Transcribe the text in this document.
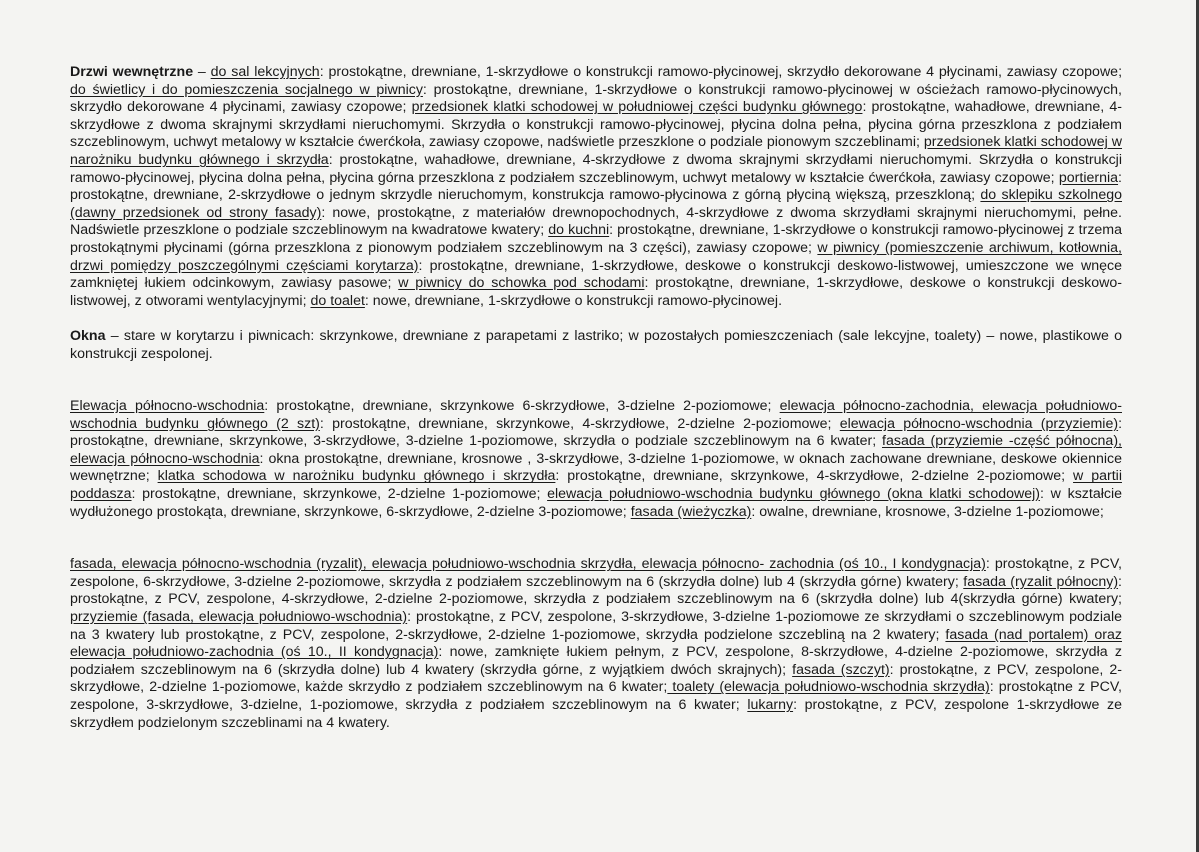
Drzwi wewnętrzne – do sal lekcyjnych: prostokątne, drewniane, 1-skrzydłowe o konstrukcji ramowo-płycinowej, skrzydło dekorowane 4 płycinami, zawiasy czopowe; do świetlicy i do pomieszczenia socjalnego w piwnicy: prostokątne, drewniane, 1-skrzydłowe o konstrukcji ramowo-płycinowej w ościeżach ramowo-płycinowych, skrzydło dekorowane 4 płycinami, zawiasy czopowe; przedsionek klatki schodowej w południowej części budynku głównego: prostokątne, wahadłowe, drewniane, 4-skrzydłowe z dwoma skrajnymi skrzydłami nieruchomymi. Skrzydła o konstrukcji ramowo-płycinowej, płycina dolna pełna, płycina górna przeszklona z podziałem szczeblinowym, uchwyt metalowy w kształcie ćwerćkoła, zawiasy czopowe, nadświetle przeszklone o podziale pionowym szczeblinami; przedsionek klatki schodowej w narożniku budynku głównego i skrzydła: prostokątne, wahadłowe, drewniane, 4-skrzydłowe z dwoma skrajnymi skrzydłami nieruchomymi. Skrzydła o konstrukcji ramowo-płycinowej, płycina dolna pełna, płycina górna przeszklona z podziałem szczeblinowym, uchwyt metalowy w kształcie ćwerćkoła, zawiasy czopowe; portiernia: prostokątne, drewniane, 2-skrzydłowe o jednym skrzydle nieruchomym, konstrukcja ramowo-płycinowa z górną płyciną większą, przeszkloną; do sklepiku szkolnego (dawny przedsionek od strony fasady): nowe, prostokątne, z materiałów drewnopochodnych, 4-skrzydłowe z dwoma skrzydłami skrajnymi nieruchomymi, pełne. Nadświetle przeszklone o podziale szczeblinowym na kwadratowe kwatery; do kuchni: prostokątne, drewniane, 1-skrzydłowe o konstrukcji ramowo-płycinowej z trzema prostokątnymi płycinami (górna przeszklona z pionowym podziałem szczeblinowym na 3 części), zawiasy czopowe; w piwnicy (pomieszczenie archiwum, kotłownia, drzwi pomiędzy poszczególnymi częściami korytarza): prostokątne, drewniane, 1-skrzydłowe, deskowe o konstrukcji deskowo-listwowej, umieszczone we wnęce zamkniętej łukiem odcinkowym, zawiasy pasowe; w piwnicy do schowka pod schodami: prostokątne, drewniane, 1-skrzydłowe, deskowe o konstrukcji deskowo-listwowej, z otworami wentylacyjnymi; do toalet: nowe, drewniane, 1-skrzydłowe o konstrukcji ramowo-płycinowej.

Okna – stare w korytarzu i piwnicach: skrzynkowe, drewniane z parapetami z lastriko; w pozostałych pomieszczeniach (sale lekcyjne, toalety) – nowe, plastikowe o konstrukcji zespolonej.

Elewacja północno-wschodnia: prostokątne, drewniane, skrzynkowe 6-skrzydłowe, 3-dzielne 2-poziomowe; elewacja północno-zachodnia, elewacja południowo-wschodnia budynku głównego (2 szt): prostokątne, drewniane, skrzynkowe, 4-skrzydłowe, 2-dzielne 2-poziomowe; elewacja północno-wschodnia (przyziemie): prostokątne, drewniane, skrzynkowe, 3-skrzydłowe, 3-dzielne 1-poziomowe, skrzydła o podziale szczeblinowym na 6 kwater; fasada (przyziemie -część północna), elewacja północno-wschodnia: okna prostokątne, drewniane, krosnowe , 3-skrzydłowe, 3-dzielne 1-poziomowe, w oknach zachowane drewniane, deskowe okiennice wewnętrzne; klatka schodowa w narożniku budynku głównego i skrzydła: prostokątne, drewniane, skrzynkowe, 4-skrzydłowe, 2-dzielne 2-poziomowe; w partii poddasza: prostokątne, drewniane, skrzynkowe, 2-dzielne 1-poziomowe; elewacja południowo-wschodnia budynku głównego (okna klatki schodowej): w kształcie wydłużonego prostokąta, drewniane, skrzynkowe, 6-skrzydłowe, 2-dzielne 3-poziomowe; fasada (wieżyczka): owalne, drewniane, krosnowe, 3-dzielne 1-poziomowe;

fasada, elewacja północno-wschodnia (ryzalit), elewacja południowo-wschodnia skrzydła, elewacja północno- zachodnia (oś 10., I kondygnacja): prostokątne, z PCV, zespolone, 6-skrzydłowe, 3-dzielne 2-poziomowe, skrzydła z podziałem szczeblinowym na 6 (skrzydła dolne) lub 4 (skrzydła górne) kwatery; fasada (ryzalit północny): prostokątne, z PCV, zespolone, 4-skrzydłowe, 2-dzielne 2-poziomowe, skrzydła z podziałem szczeblinowym na 6 (skrzydła dolne) lub 4(skrzydła górne) kwatery; przyziemie (fasada, elewacja południowo-wschodnia): prostokątne, z PCV, zespolone, 3-skrzydłowe, 3-dzielne 1-poziomowe ze skrzydłami o szczeblinowym podziale na 3 kwatery lub prostokątne, z PCV, zespolone, 2-skrzydłowe, 2-dzielne 1-poziomowe, skrzydła podzielone szczebliną na 2 kwatery; fasada (nad portalem) oraz elewacja południowo-zachodnia (oś 10., II kondygnacja): nowe, zamknięte łukiem pełnym, z PCV, zespolone, 8-skrzydłowe, 4-dzielne 2-poziomowe, skrzydła z podziałem szczeblinowym na 6 (skrzydła dolne) lub 4 kwatery (skrzydła górne, z wyjątkiem dwóch skrajnych); fasada (szczyt): prostokątne, z PCV, zespolone, 2-skrzydłowe, 2-dzielne 1-poziomowe, każde skrzydło z podziałem szczeblinowym na 6 kwater; toalety (elewacja południowo-wschodnia skrzydła): prostokątne z PCV, zespolone, 3-skrzydłowe, 3-dzielne, 1-poziomowe, skrzydła z podziałem szczeblinowym na 6 kwater; lukarny: prostokątne, z PCV, zespolone 1-skrzydłowe ze skrzydłem podzielonym szczeblinami na 4 kwatery.
